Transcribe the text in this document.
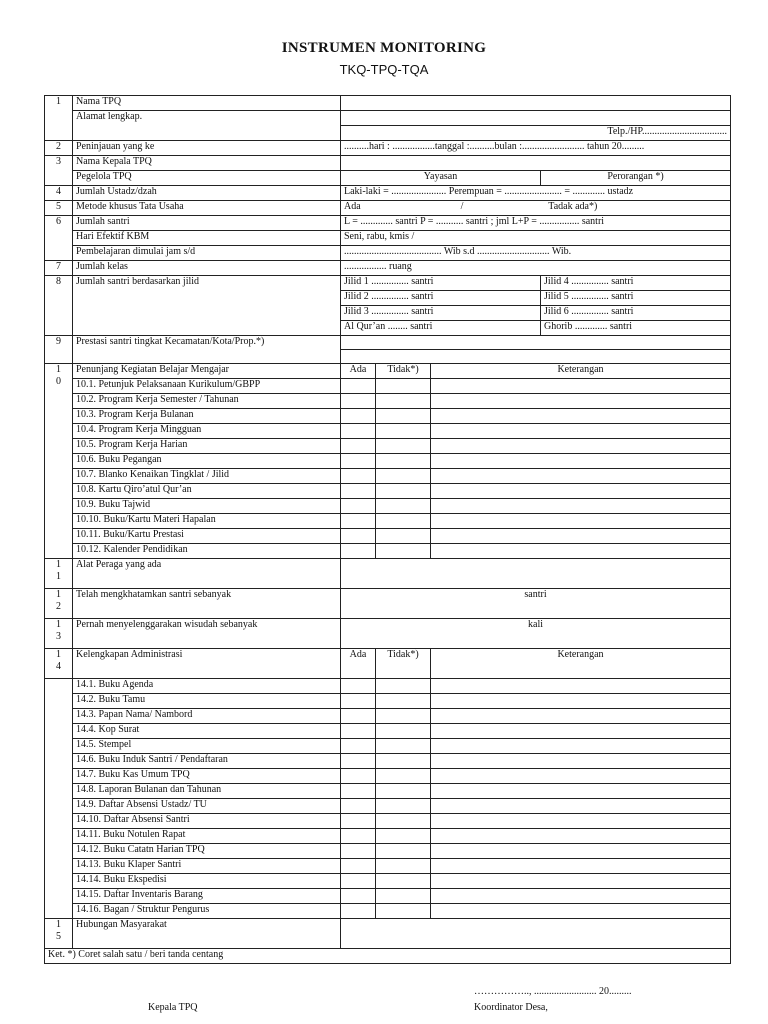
INSTRUMEN MONITORING
TKQ-TPQ-TQA
1	Nama TPQ				
	Alamat lengkap.				
		Telp./HP..................................			
2	Peninjauan yang ke	..........hari : .................tanggal :..........bulan :......................... tahun 20.........			
3	Nama Kepala TPQ				
	Pegelola TPQ	Yayasan			Perorangan *)
4	Jumlah Ustadz/dzah	Laki-laki = ...................... Perempuan = ....................... = ............. ustadz			
5	Metode khusus Tata Usaha	Ada / Tadak ada*)			
6	Jumlah santri	L = ............. santri P = ........... santri ; jml L+P = ................ santri			
	Hari Efektif KBM	Seni, rabu, kmis /			
	Pembelajaran dimulai jam s/d	....................................... Wib s.d ............................. Wib.			
7	Jumlah kelas	................. ruang			
8	Jumlah santri berdasarkan jilid	Jilid 1 ............... santri			Jilid 4 ............... santri
		Jilid 2 ............... santri			Jilid 5 ............... santri
		Jilid 3 ............... santri			Jilid 6 ............... santri
		Al Qur’an ........ santri			Ghorib ............. santri
9	Prestasi santri tingkat Kecamatan/Kota/Prop.*)				

1
0	Penunjang Kegiatan Belajar Mengajar	Ada	Tidak*)	Keterangan	
	10.1. Petunjuk Pelaksanaan Kurikulum/GBPP				
	10.2. Program Kerja Semester / Tahunan				
	10.3. Program Kerja Bulanan				
	10.4. Program Kerja Mingguan				
	10.5. Program Kerja Harian				
	10.6. Buku Pegangan				
	10.7. Blanko Kenaikan Tingklat / Jilid				
	10.8. Kartu Qiro’atul Qur’an				
	10.9. Buku Tajwid				
	10.10. Buku/Kartu Materi Hapalan				
	10.11. Buku/Kartu Prestasi				
	10.12. Kalender Pendidikan				

1
1	Alat Peraga yang ada				

1
2	Telah mengkhatamkan santri sebanyak	santri			

1
3	Pernah menyelenggarakan wisudah sebanyak	kali			

1
4	Kelengkapan Administrasi	Ada	Tidak*)	Keterangan	
	14.1. Buku Agenda				
	14.2. Buku Tamu				
	14.3. Papan Nama/ Nambord				
	14.4. Kop Surat				
	14.5. Stempel				
	14.6. Buku Induk Santri / Pendaftaran				
	14.7. Buku Kas Umum TPQ				
	14.8. Laporan Bulanan dan Tahunan				
	14.9. Daftar Absensi Ustadz/ TU				
	14.10. Daftar Absensi Santri				
	14.11. Buku Notulen Rapat				
	14.12. Buku Catatn Harian TPQ				
	14.13. Buku Klaper Santri				
	14.14. Buku Ekspedisi				
	14.15. Daftar Inventaris Barang				
	14.16. Bagan / Struktur Pengurus				

1
5	Hubungan Masyarakat				
Ket. *) Coret salah satu / beri tanda centang					
…………….., ......................... 20.........
Kepala TPQ	Koordinator Desa,
